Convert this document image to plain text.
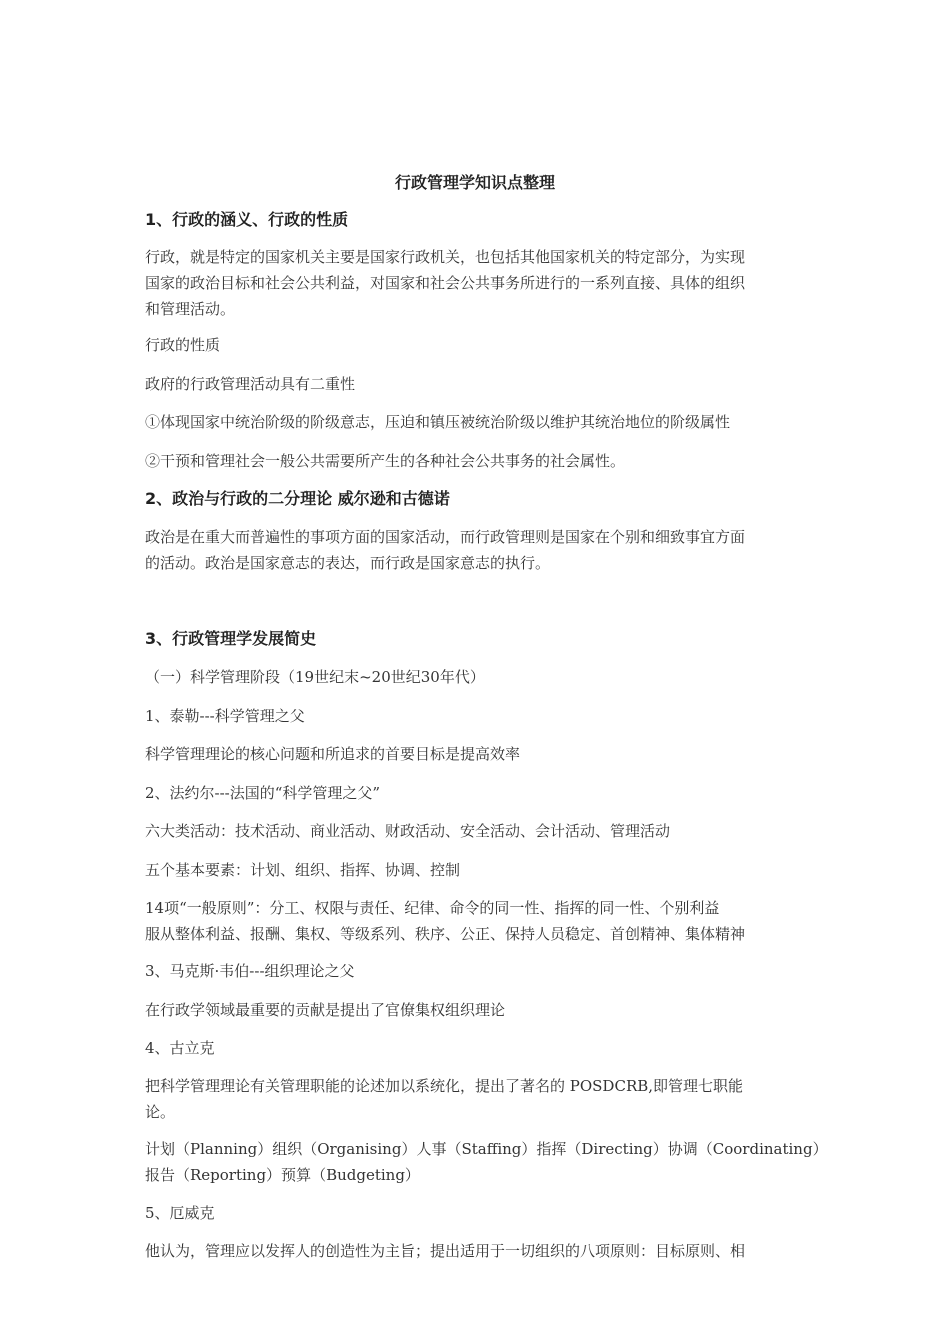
行政管理学知识点整理
1、行政的涵义、行政的性质
行政，就是特定的国家机关主要是国家行政机关，也包括其他国家机关的特定部分，为实现
国家的政治目标和社会公共利益，对国家和社会公共事务所进行的一系列直接、具体的组织
和管理活动。
行政的性质
政府的行政管理活动具有二重性
①体现国家中统治阶级的阶级意志，压迫和镇压被统治阶级以维护其统治地位的阶级属性
②干预和管理社会一般公共需要所产生的各种社会公共事务的社会属性。
2、政治与行政的二分理论 威尔逊和古德诺
政治是在重大而普遍性的事项方面的国家活动，而行政管理则是国家在个别和细致事宜方面
的活动。政治是国家意志的表达，而行政是国家意志的执行。
3、行政管理学发展简史
（一）科学管理阶段（19世纪末~20世纪30年代）
1、泰勒---科学管理之父
科学管理理论的核心问题和所追求的首要目标是提高效率
2、法约尔---法国的“科学管理之父”
六大类活动：技术活动、商业活动、财政活动、安全活动、会计活动、管理活动
五个基本要素：计划、组织、指挥、协调、控制
14项“一般原则”：分工、权限与责任、纪律、命令的同一性、指挥的同一性、个别利益
服从整体利益、报酬、集权、等级系列、秩序、公正、保持人员稳定、首创精神、集体精神
3、马克斯·韦伯---组织理论之父
在行政学领域最重要的贡献是提出了官僚集权组织理论
4、古立克
把科学管理理论有关管理职能的论述加以系统化，提出了著名的 POSDCRB,即管理七职能
论。
计划（Planning）组织（Organising）人事（Staffing）指挥（Directing）协调（Coordinating）
报告（Reporting）预算（Budgeting）
5、厄威克
他认为，管理应以发挥人的创造性为主旨；提出适用于一切组织的八项原则：目标原则、相
